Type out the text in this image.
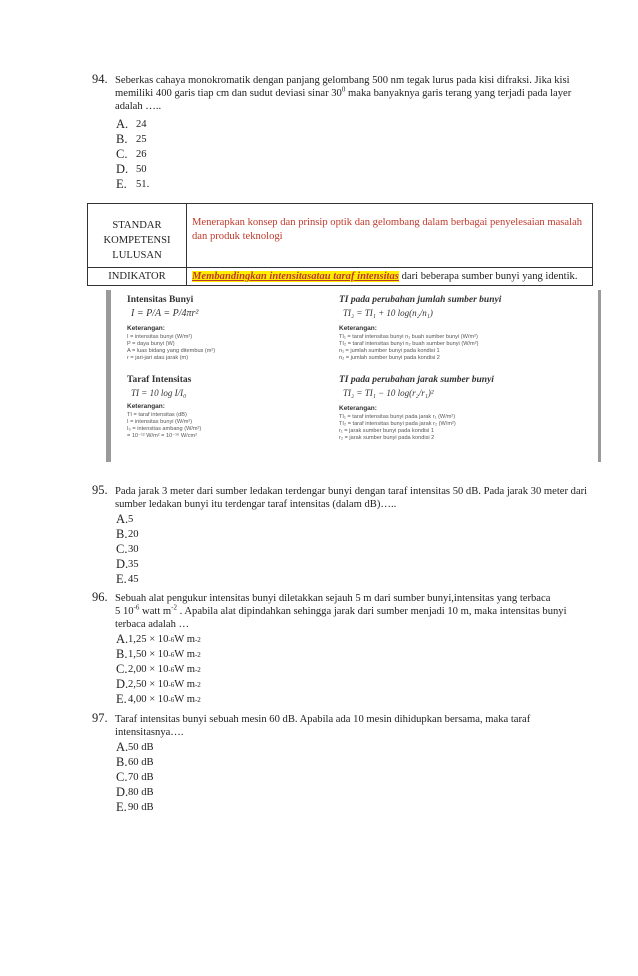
94. Seberkas cahaya monokromatik dengan panjang gelombang 500 nm tegak lurus pada kisi difraksi. Jika kisi memiliki 400 garis tiap cm dan sudut deviasi sinar $30^0$ maka banyaknya garis terang yang terjadi pada layer adalah …..
A. 24
B. 25
C. 26
D. 50
E. 51.
STANDAR KOMPETENSI LULUSAN	Menerapkan konsep dan prinsip optik dan gelombang dalam berbagai penyelesaian masalah dan produk teknologi
INDIKATOR	Membandingkan intensitasatau taraf intensitas dari beberapa sumber bunyi yang identik.
Intensitas Bunyi
I = P/A = P/4πr²
Keterangan:
I = intensitas bunyi (W/m²)
P = daya bunyi (W)
A = luas bidang yang ditembus (m²)
r = jari-jari atau jarak (m)
Taraf Intensitas
TI = 10 log I/I₀
Keterangan:
TI = taraf intensitas (dB)
I = intensitas bunyi (W/m²)
I₀ = intensitas ambang (W/m²)
= 10⁻¹² W/m² = 10⁻¹⁶ W/cm²
TI pada perubahan jumlah sumber bunyi
TI₂ = TI₁ + 10 log(n₂/n₁)
Keterangan:
TI₁ = taraf intensitas bunyi n₁ buah sumber bunyi (W/m²)
TI₂ = taraf intensitas bunyi n₂ buah sumber bunyi (W/m²)
n₁ = jumlah sumber bunyi pada kondisi 1
n₂ = jumlah sumber bunyi pada kondisi 2
TI pada perubahan jarak sumber bunyi
TI₂ = TI₁ − 10 log(r₂/r₁)²
Keterangan:
TI₁ = taraf intensitas bunyi pada jarak r₁ (W/m²)
TI₂ = taraf intensitas bunyi pada jarak r₂ (W/m²)
r₁ = jarak sumber bunyi pada kondisi 1
r₂ = jarak sumber bunyi pada kondisi 2
95. Pada jarak 3 meter dari sumber ledakan terdengar bunyi dengan taraf intensitas 50 dB. Pada jarak 30 meter dari sumber ledakan bunyi itu terdengar taraf intensitas (dalam dB)…..
A. 5
B. 20
C. 30
D. 35
E. 45
96. Sebuah alat pengukur intensitas bunyi diletakkan sejauh 5 m dari sumber bunyi,intensitas yang terbaca
5 $10^{-6}$ watt $m^{-2}$ . Apabila alat dipindahkan sehingga jarak dari sumber menjadi 10 m, maka intensitas bunyi terbaca adalah …
A. 1,25 × 10 -6 W m -2
B. 1,50 × 10 -6 W m -2
C. 2,00 × 10 -6 W m -2
D. 2,50 × 10 -6 W m -2
E. 4,00 × 10 -6 W m -2
97. Taraf intensitas bunyi sebuah mesin 60 dB. Apabila ada 10 mesin dihidupkan bersama, maka taraf intensitasnya….
A. 50 dB
B. 60 dB
C. 70 dB
D. 80 dB
E. 90 dB
